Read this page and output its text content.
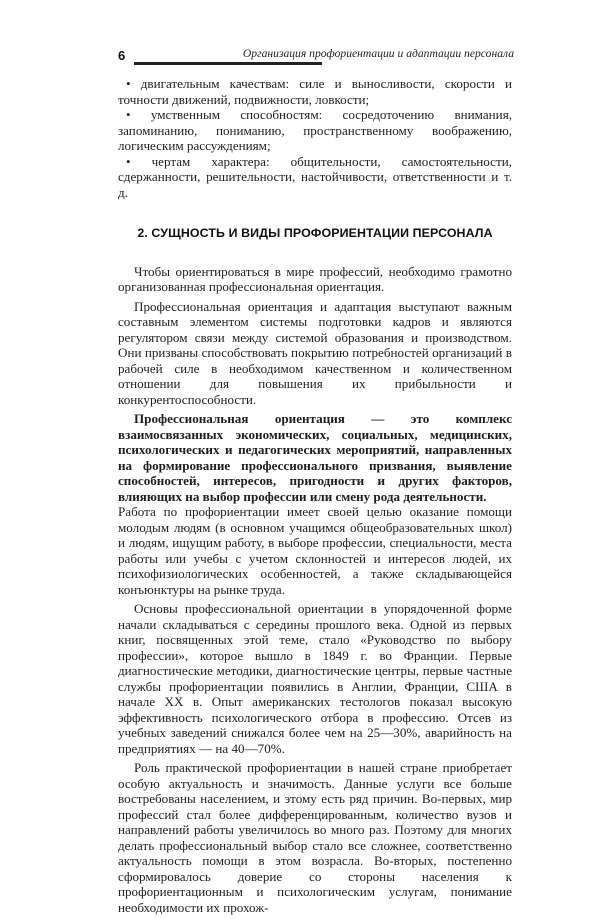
6	Организация профориентации и адаптации персонала

• двигательным качествам: силе и выносливости, скорости и точности движений, подвижности, ловкости;

• умственным способностям: сосредоточению внимания, запоминанию, пониманию, пространственному воображению, логическим рассуждениям;

• чертам характера: общительности, самостоятельности, сдержанности, решительности, настойчивости, ответственности и т. д.

2. СУЩНОСТЬ И ВИДЫ ПРОФОРИЕНТАЦИИ ПЕРСОНАЛА

Чтобы ориентироваться в мире профессий, необходимо грамотно организованная профессиональная ориентация.

Профессиональная ориентация и адаптация выступают важным составным элементом системы подготовки кадров и являются регулятором связи между системой образования и производством. Они призваны способствовать покрытию потребностей организаций в рабочей силе в необходимом качественном и количественном отношении для повышения их прибыльности и конкурентоспособности.

Профессиональная ориентация — это комплекс взаимосвязанных экономических, социальных, медицинских, психологических и педагогических мероприятий, направленных на формирование профессионального призвания, выявление способностей, интересов, пригодности и других факторов, влияющих на выбор профессии или смену рода деятельности.

Работа по профориентации имеет своей целью оказание помощи молодым людям (в основном учащимся общеобразовательных школ) и людям, ищущим работу, в выборе профессии, специальности, места работы или учебы с учетом склонностей и интересов людей, их психофизиологических особенностей, а также складывающейся конъюнктуры на рынке труда.

Основы профессиональной ориентации в упорядоченной форме начали складываться с середины прошлого века. Одной из первых книг, посвященных этой теме, стало «Руководство по выбору профессии», которое вышло в 1849 г. во Франции. Первые диагностические методики, диагностические центры, первые частные службы профориентации появились в Англии, Франции, США в начале XX в. Опыт американских тестологов показал высокую эффективность психологического отбора в профессию. Отсев из учебных заведений снижался более чем на 25—30%, аварийность на предприятиях — на 40—70%.

Роль практической профориентации в нашей стране приобретает особую актуальность и значимость. Данные услуги все больше востребованы населением, и этому есть ряд причин. Во-первых, мир профессий стал более дифференцированным, количество вузов и направлений работы увеличилось во много раз. Поэтому для многих делать профессиональный выбор стало все сложнее, соответственно актуальность помощи в этом возрасла. Во-вторых, постепенно сформировалось доверие со стороны населения к профориентационным и психологическим услугам, понимание необходимости их прохож-
